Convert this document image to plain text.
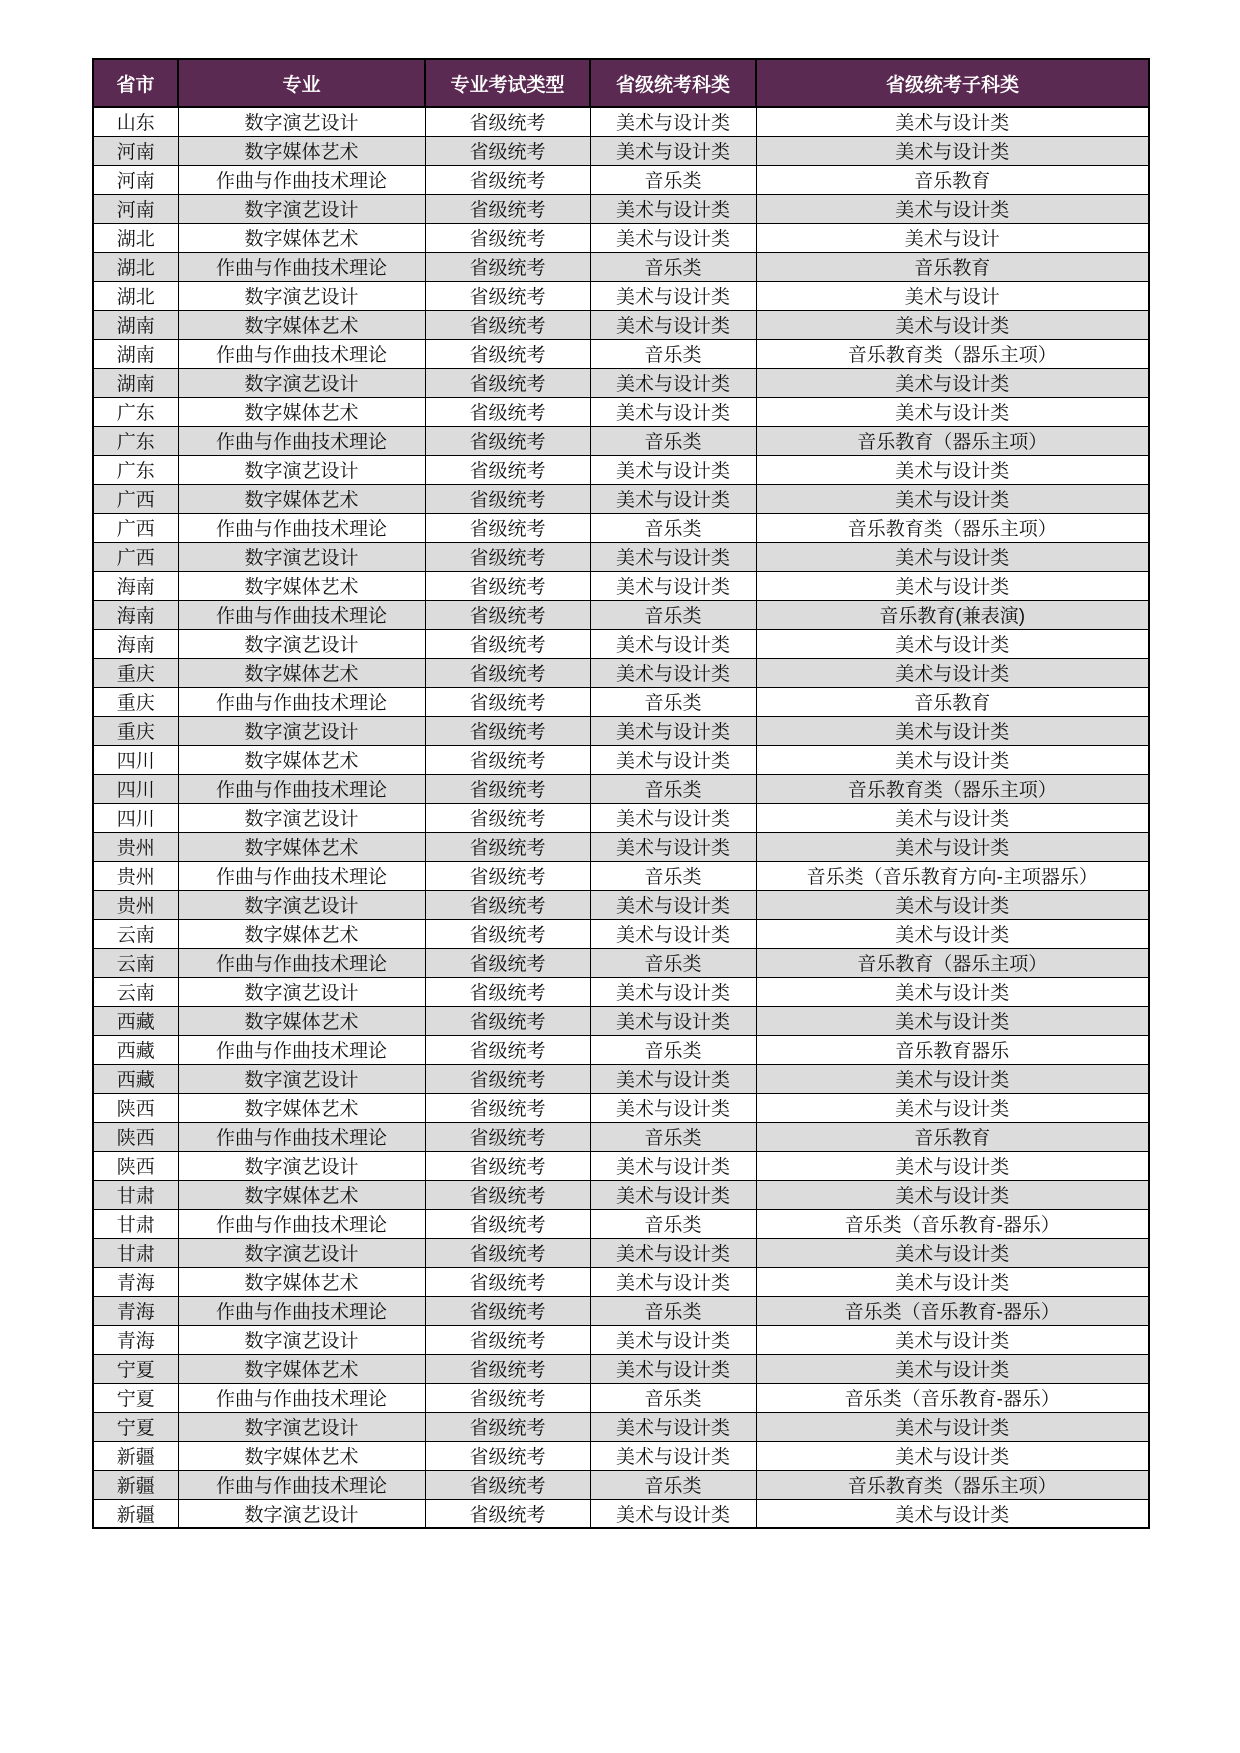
省市	专业	专业考试类型	省级统考科类	省级统考子科类
山东	数字演艺设计	省级统考	美术与设计类	美术与设计类
河南	数字媒体艺术	省级统考	美术与设计类	美术与设计类
河南	作曲与作曲技术理论	省级统考	音乐类	音乐教育
河南	数字演艺设计	省级统考	美术与设计类	美术与设计类
湖北	数字媒体艺术	省级统考	美术与设计类	美术与设计
湖北	作曲与作曲技术理论	省级统考	音乐类	音乐教育
湖北	数字演艺设计	省级统考	美术与设计类	美术与设计
湖南	数字媒体艺术	省级统考	美术与设计类	美术与设计类
湖南	作曲与作曲技术理论	省级统考	音乐类	音乐教育类（器乐主项）
湖南	数字演艺设计	省级统考	美术与设计类	美术与设计类
广东	数字媒体艺术	省级统考	美术与设计类	美术与设计类
广东	作曲与作曲技术理论	省级统考	音乐类	音乐教育（器乐主项）
广东	数字演艺设计	省级统考	美术与设计类	美术与设计类
广西	数字媒体艺术	省级统考	美术与设计类	美术与设计类
广西	作曲与作曲技术理论	省级统考	音乐类	音乐教育类（器乐主项）
广西	数字演艺设计	省级统考	美术与设计类	美术与设计类
海南	数字媒体艺术	省级统考	美术与设计类	美术与设计类
海南	作曲与作曲技术理论	省级统考	音乐类	音乐教育(兼表演)
海南	数字演艺设计	省级统考	美术与设计类	美术与设计类
重庆	数字媒体艺术	省级统考	美术与设计类	美术与设计类
重庆	作曲与作曲技术理论	省级统考	音乐类	音乐教育
重庆	数字演艺设计	省级统考	美术与设计类	美术与设计类
四川	数字媒体艺术	省级统考	美术与设计类	美术与设计类
四川	作曲与作曲技术理论	省级统考	音乐类	音乐教育类（器乐主项）
四川	数字演艺设计	省级统考	美术与设计类	美术与设计类
贵州	数字媒体艺术	省级统考	美术与设计类	美术与设计类
贵州	作曲与作曲技术理论	省级统考	音乐类	音乐类（音乐教育方向-主项器乐）
贵州	数字演艺设计	省级统考	美术与设计类	美术与设计类
云南	数字媒体艺术	省级统考	美术与设计类	美术与设计类
云南	作曲与作曲技术理论	省级统考	音乐类	音乐教育（器乐主项）
云南	数字演艺设计	省级统考	美术与设计类	美术与设计类
西藏	数字媒体艺术	省级统考	美术与设计类	美术与设计类
西藏	作曲与作曲技术理论	省级统考	音乐类	音乐教育器乐
西藏	数字演艺设计	省级统考	美术与设计类	美术与设计类
陕西	数字媒体艺术	省级统考	美术与设计类	美术与设计类
陕西	作曲与作曲技术理论	省级统考	音乐类	音乐教育
陕西	数字演艺设计	省级统考	美术与设计类	美术与设计类
甘肃	数字媒体艺术	省级统考	美术与设计类	美术与设计类
甘肃	作曲与作曲技术理论	省级统考	音乐类	音乐类（音乐教育-器乐）
甘肃	数字演艺设计	省级统考	美术与设计类	美术与设计类
青海	数字媒体艺术	省级统考	美术与设计类	美术与设计类
青海	作曲与作曲技术理论	省级统考	音乐类	音乐类（音乐教育-器乐）
青海	数字演艺设计	省级统考	美术与设计类	美术与设计类
宁夏	数字媒体艺术	省级统考	美术与设计类	美术与设计类
宁夏	作曲与作曲技术理论	省级统考	音乐类	音乐类（音乐教育-器乐）
宁夏	数字演艺设计	省级统考	美术与设计类	美术与设计类
新疆	数字媒体艺术	省级统考	美术与设计类	美术与设计类
新疆	作曲与作曲技术理论	省级统考	音乐类	音乐教育类（器乐主项）
新疆	数字演艺设计	省级统考	美术与设计类	美术与设计类
